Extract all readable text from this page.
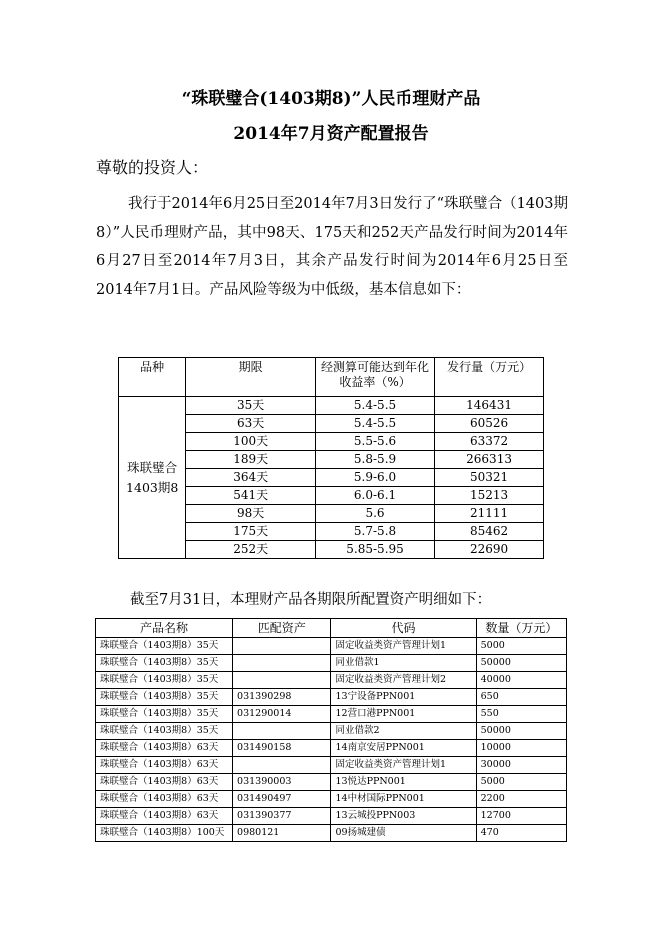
“珠联璧合(1403期8)”人民币理财产品
2014年7月资产配置报告
尊敬的投资人：
我行于2014年6月25日至2014年7月3日发行了“珠联璧合（1403期8）”人民币理财产品，其中98天、175天和252天产品发行时间为2014年6月27日至2014年7月3日，其余产品发行时间为2014年6月25日至2014年7月1日。产品风险等级为中低级，基本信息如下：
品种	期限	经测算可能达到年化收益率（%）	发行量（万元）
珠联璧合
1403期8	35天	5.4-5.5	146431
	63天	5.4-5.5	60526
	100天	5.5-5.6	63372
	189天	5.8-5.9	266313
	364天	5.9-6.0	50321
	541天	6.0-6.1	15213
	98天	5.6	21111
	175天	5.7-5.8	85462
	252天	5.85-5.95	22690
截至7月31日，本理财产品各期限所配置资产明细如下：
产品名称	匹配资产	代码	数量（万元）
珠联璧合（1403期8）35天		固定收益类资产管理计划1	5000
珠联璧合（1403期8）35天		同业借款1	50000
珠联璧合（1403期8）35天		固定收益类资产管理计划2	40000
珠联璧合（1403期8）35天	031390298	13宁设备PPN001	650
珠联璧合（1403期8）35天	031290014	12营口港PPN001	550
珠联璧合（1403期8）35天		同业借款2	50000
珠联璧合（1403期8）63天	031490158	14南京安居PPN001	10000
珠联璧合（1403期8）63天		固定收益类资产管理计划1	30000
珠联璧合（1403期8）63天	031390003	13悦达PPN001	5000
珠联璧合（1403期8）63天	031490497	14中材国际PPN001	2200
珠联璧合（1403期8）63天	031390377	13云城投PPN003	12700
珠联璧合（1403期8）100天	0980121	09扬城建债	470
